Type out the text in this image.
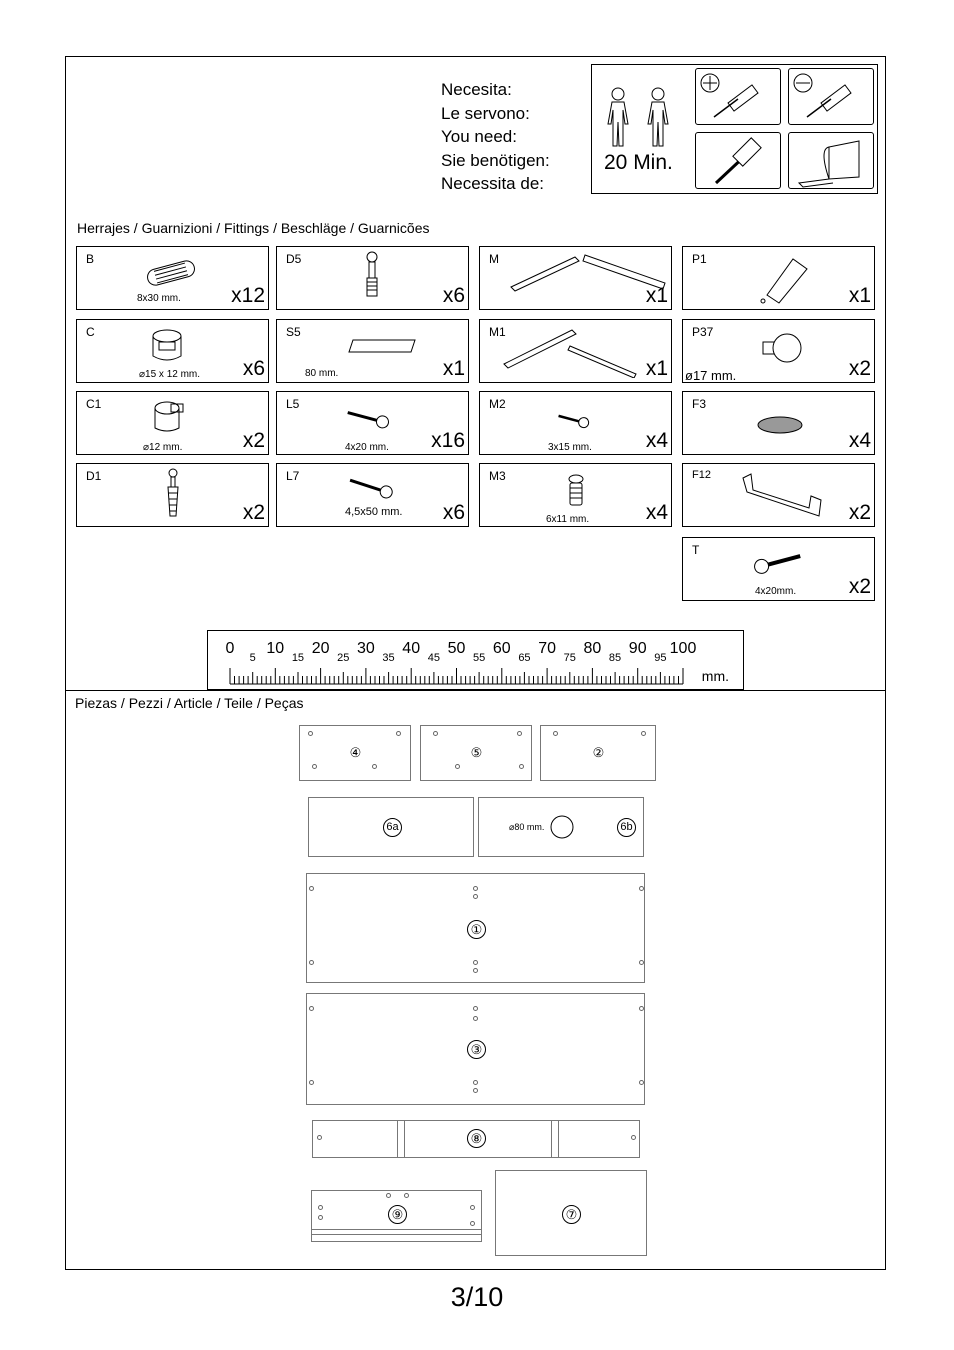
Necesita:
Le servono:
You need:
Sie benötigen:
Necessita de:
20 Min.
Herrajes / Guarnizioni / Fittings / Beschläge / Guarnicões
B
8x30 mm. x12
D5
x6
M
x1
P1
x1
C
⌀15 x 12 mm. x6
S5
80 mm.	x1
M1
x1
P37
ø17 mm.	x2
C1
⌀12 mm.	x2
L5
4x20 mm. x16
M2
3x15 mm.	x4
F3
x4
D1
x2
L7
4,5x50 mm. x6
M3
6x11 mm.	x4
F12
x2
T
4x20mm.	x2
0 10 20 30 40 50 60 70 80 90 100
5	15	25	35	45	55	65	75	85	95
mm.
Piezas / Pezzi / Article / Teile / Peças
④	⑤	②
6a	⌀80 mm.	6b
①
③
⑧
⑨	⑦
3/10
